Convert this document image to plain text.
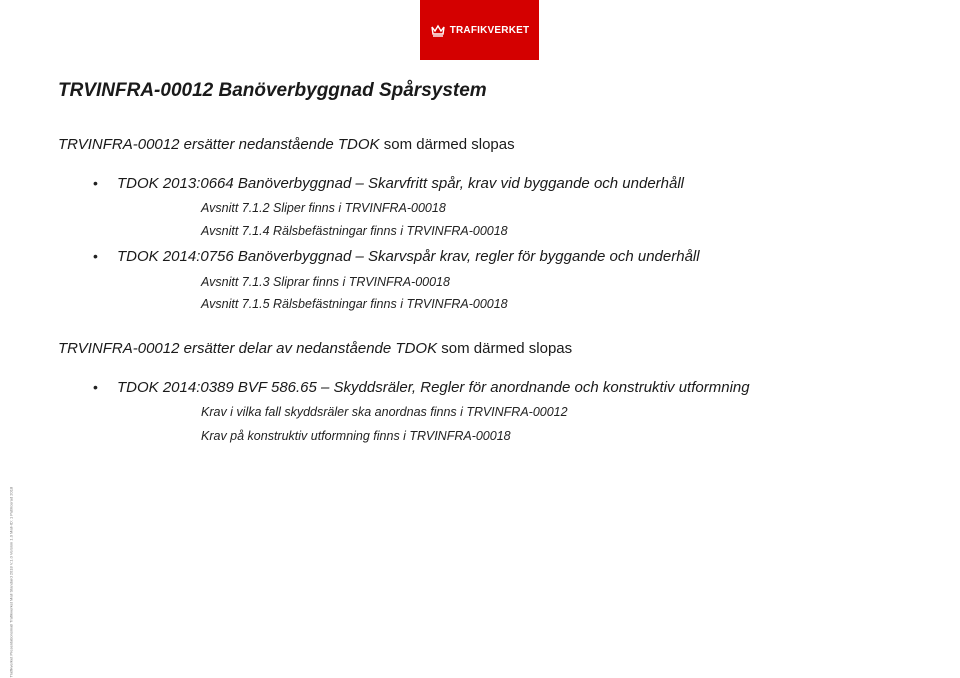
TRAFIKVERKET
TRVINFRA-00012 Banöverbyggnad Spårsystem
TRVINFRA-00012 ersätter nedanstående TDOK som därmed slopas
• TDOK 2013:0664 Banöverbyggnad – Skarvfritt spår, krav vid byggande och underhåll
Avsnitt 7.1.2 Sliper finns i TRVINFRA-00018
Avsnitt 7.1.4 Rälsbefästningar finns i TRVINFRA-00018
• TDOK 2014:0756 Banöverbyggnad – Skarvspår krav, regler för byggande och underhåll
Avsnitt 7.1.3 Sliprar finns i TRVINFRA-00018
Avsnitt 7.1.5 Rälsbefästningar finns i TRVINFRA-00018
TRVINFRA-00012 ersätter delar av nedanstående TDOK som därmed slopas
• TDOK 2014:0389 BVF 586.65 – Skyddsräler, Regler för anordnande och konstruktiv utformning
Krav i vilka fall skyddsräler ska anordnas finns i TRVINFRA-00012
Krav på konstruktiv utformning finns i TRVINFRA-00018
Trafikverket Presentationsmall Trafikverket Mall Standard 2018 V.1.0 Version 1.0 Mall-ID: 1 Publicerad 2018
